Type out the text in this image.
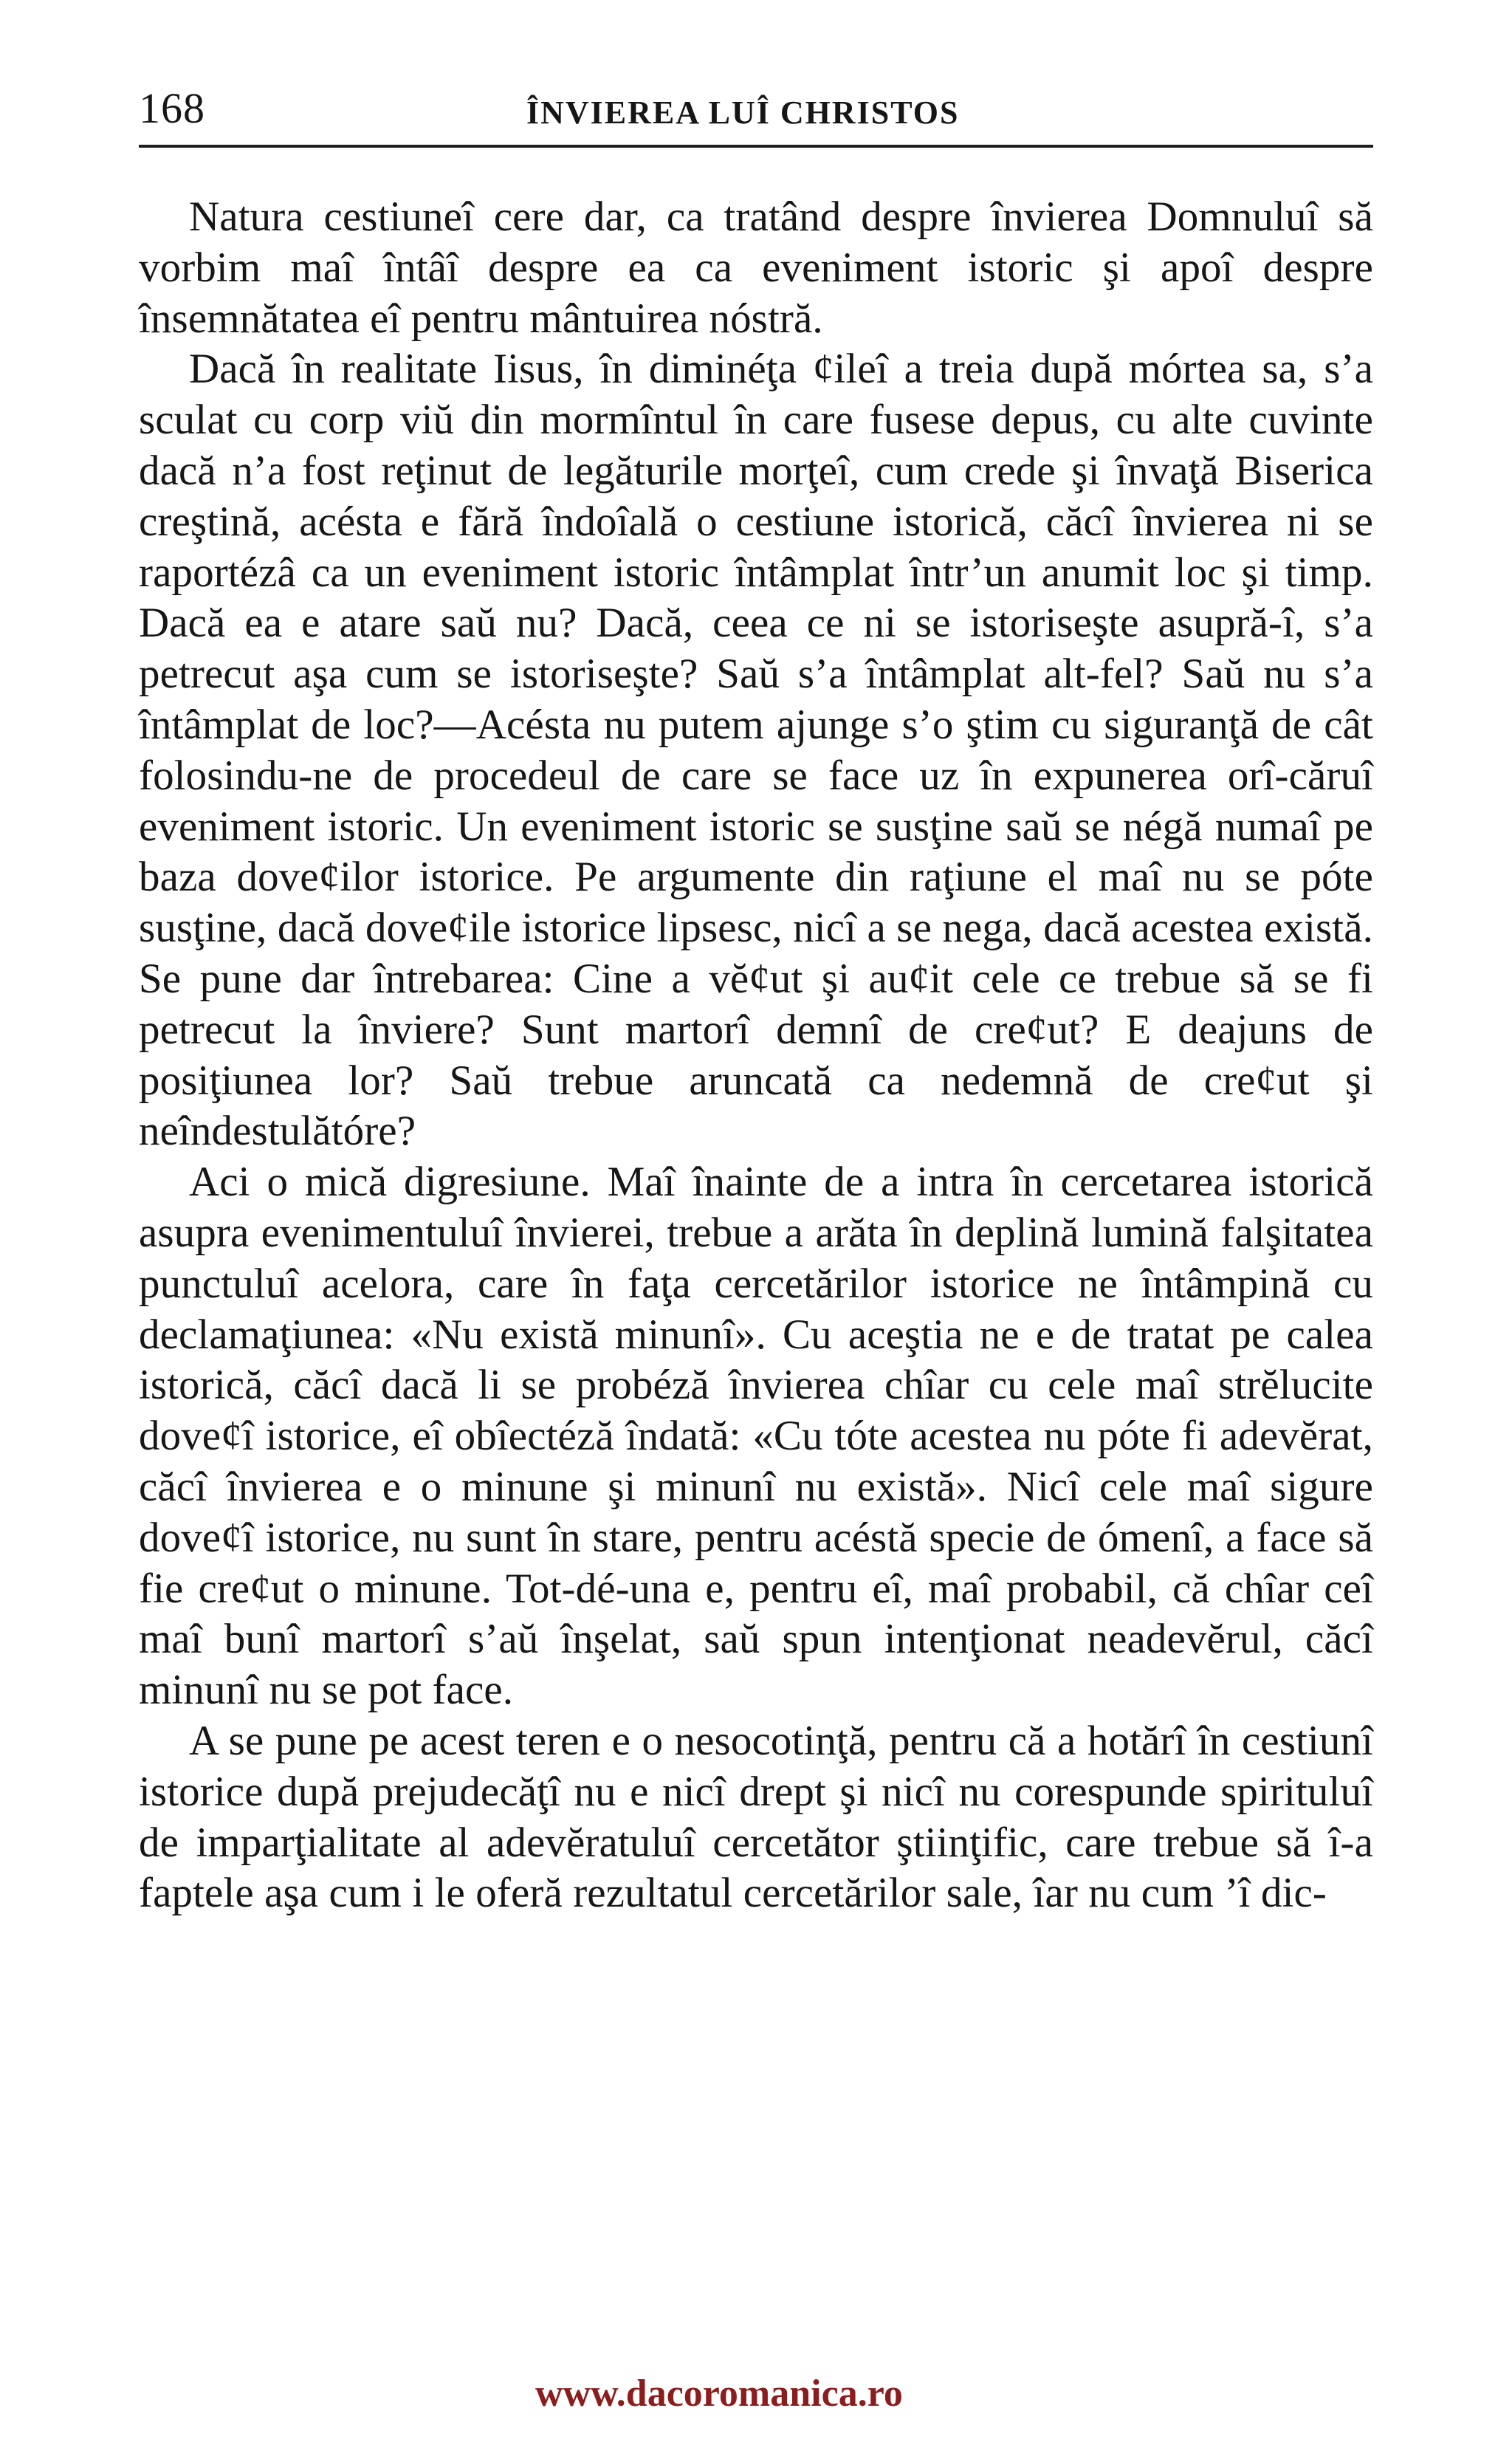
168	ÎNVIEREA LUÎ CHRISTOS

Natura cestiuneî cere dar, ca tratând despre învierea Domnuluî să vorbim maî întâî despre ea ca eveniment istoric şi apoî despre însemnătatea eî pentru mântuirea nóstră.

Dacă în realitate Iisus, în diminéţa ¢ileî a treia după mórtea sa, s’a sculat cu corp viŭ din mormîntul în care fusese depus, cu alte cuvinte dacă n’a fost reţinut de legăturile morţeî, cum crede şi învaţă Biserica creştină, acésta e fără îndoîală o cestiune istorică, căcî învierea ni se raportézâ ca un eveniment istoric întâmplat într’un anumit loc şi timp. Dacă ea e atare saŭ nu? Dacă, ceea ce ni se istoriseşte asupră-î, s’a petrecut aşa cum se istoriseşte? Saŭ s’a întâmplat alt-fel? Saŭ nu s’a întâmplat de loc?—Acésta nu putem ajunge s’o ştim cu siguranţă de cât folosindu-ne de procedeul de care se face uz în expunerea orî-căruî eveniment istoric. Un eveniment istoric se susţine saŭ se négă numaî pe baza dove¢ilor istorice. Pe argumente din raţiune el maî nu se póte susţine, dacă dove¢ile istorice lipsesc, nicî a se nega, dacă acestea există. Se pune dar întrebarea: Cine a vĕ¢ut şi au¢it cele ce trebue să se fi petrecut la înviere? Sunt martorî demnî de cre¢ut? E deajuns de posiţiunea lor? Saŭ trebue aruncată ca nedemnă de cre¢ut şi neîndestulătóre?

Aci o mică digresiune. Maî înainte de a intra în cercetarea istorică asupra evenimentuluî învierei, trebue a arăta în deplină lumină falşitatea punctuluî acelora, care în faţa cercetărilor istorice ne întâmpină cu declamaţiunea: «Nu există minunî». Cu aceştia ne e de tratat pe calea istorică, căcî dacă li se probéză învierea chîar cu cele maî strĕlucite dove¢î istorice, eî obîectéză îndată: «Cu tóte acestea nu póte fi adevĕrat, căcî învierea e o minune şi minunî nu există». Nicî cele maî sigure dove¢î istorice, nu sunt în stare, pentru acéstă specie de ómenî, a face să fie cre¢ut o minune. Tot-dé-una e, pentru eî, maî probabil, că chîar ceî maî bunî martorî s’aŭ înşelat, saŭ spun intenţionat neadevĕrul, căcî minunî nu se pot face.

A se pune pe acest teren e o nesocotinţă, pentru că a hotărî în cestiunî istorice după prejudecăţî nu e nicî drept şi nicî nu corespunde spirituluî de imparţialitate al adevĕratuluî cercetător ştiinţific, care trebue să î-a faptele aşa cum i le oferă rezultatul cercetărilor sale, îar nu cum ’î dic-

www.dacoromanica.ro
